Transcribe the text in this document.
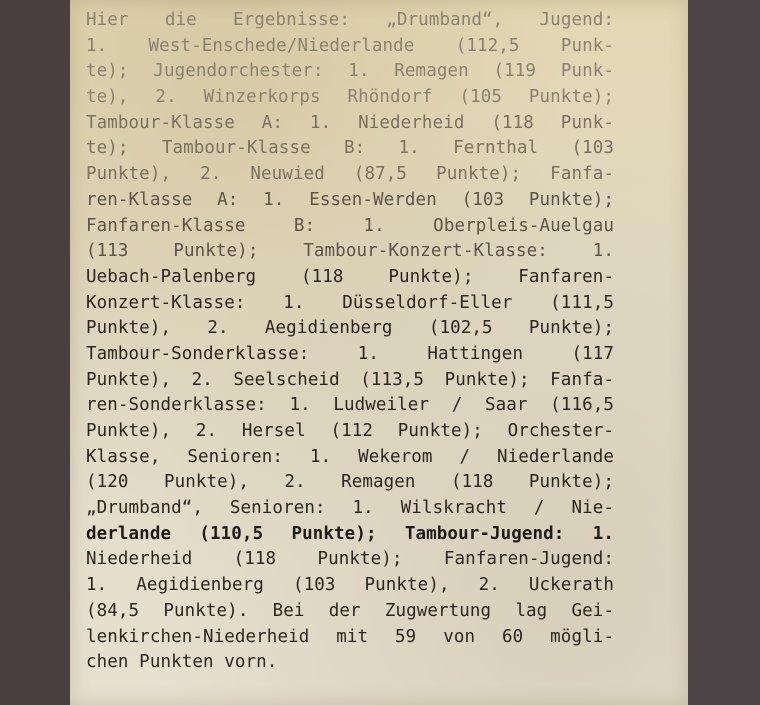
Hier die Ergebnisse: „Drumband“, Jugend:
1. West-Enschede/Niederlande (112,5 Punk-
te); Jugendorchester: 1. Remagen (119 Punk-
te), 2. Winzerkorps Rhöndorf (105 Punkte);
Tambour-Klasse A: 1. Niederheid (118 Punk-
te); Tambour-Klasse B: 1. Fernthal (103
Punkte), 2. Neuwied (87,5 Punkte); Fanfa-
ren-Klasse A: 1. Essen-Werden (103 Punkte);
Fanfaren-Klasse B: 1. Oberpleis-Auelgau
(113 Punkte); Tambour-Konzert-Klasse: 1.
Uebach-Palenberg (118 Punkte); Fanfaren-
Konzert-Klasse: 1. Düsseldorf-Eller (111,5
Punkte), 2. Aegidienberg (102,5 Punkte);
Tambour-Sonderklasse: 1. Hattingen (117
Punkte), 2. Seelscheid (113,5 Punkte); Fanfa-
ren-Sonderklasse: 1. Ludweiler / Saar (116,5
Punkte), 2. Hersel (112 Punkte); Orchester-
Klasse, Senioren: 1. Wekerom / Niederlande
(120 Punkte), 2. Remagen (118 Punkte);
„Drumband“, Senioren: 1. Wilskracht / Nie-
derlande (110,5 Punkte); Tambour-Jugend: 1.
Niederheid (118 Punkte); Fanfaren-Jugend:
1. Aegidienberg (103 Punkte), 2. Uckerath
(84,5 Punkte). Bei der Zugwertung lag Gei-
lenkirchen-Niederheid mit 59 von 60 mögli-
chen Punkten vorn.
